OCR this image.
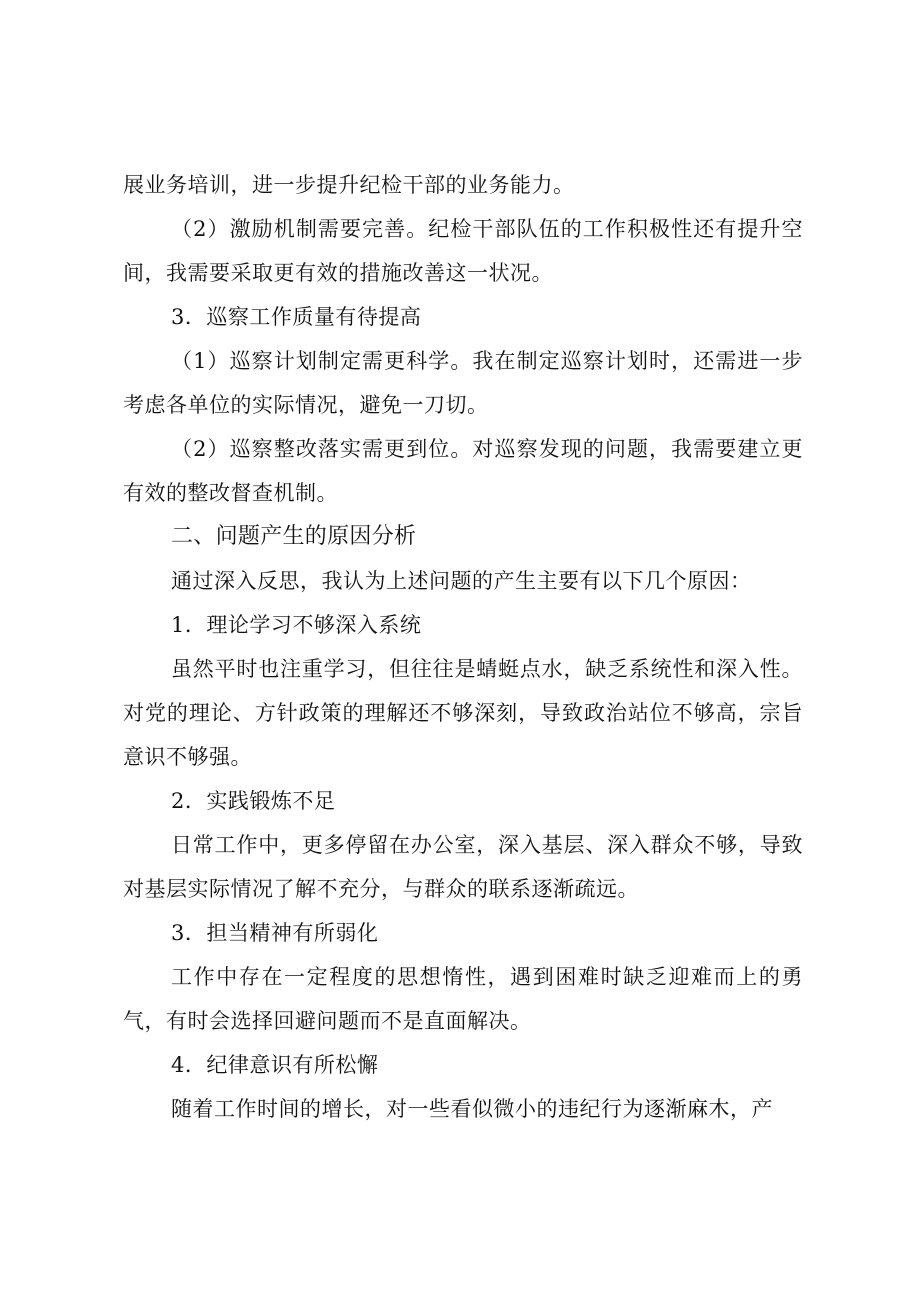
展业务培训，进一步提升纪检干部的业务能力。

（2）激励机制需要完善。纪检干部队伍的工作积极性还有提升空间，我需要采取更有效的措施改善这一状况。

3．巡察工作质量有待提高

（1）巡察计划制定需更科学。我在制定巡察计划时，还需进一步考虑各单位的实际情况，避免一刀切。

（2）巡察整改落实需更到位。对巡察发现的问题，我需要建立更有效的整改督查机制。

二、问题产生的原因分析

通过深入反思，我认为上述问题的产生主要有以下几个原因：

1．理论学习不够深入系统

虽然平时也注重学习，但往往是蜻蜓点水，缺乏系统性和深入性。对党的理论、方针政策的理解还不够深刻，导致政治站位不够高，宗旨意识不够强。

2．实践锻炼不足

日常工作中，更多停留在办公室，深入基层、深入群众不够，导致对基层实际情况了解不充分，与群众的联系逐渐疏远。

3．担当精神有所弱化

工作中存在一定程度的思想惰性，遇到困难时缺乏迎难而上的勇气，有时会选择回避问题而不是直面解决。

4．纪律意识有所松懈

随着工作时间的增长，对一些看似微小的违纪行为逐渐麻木，产
